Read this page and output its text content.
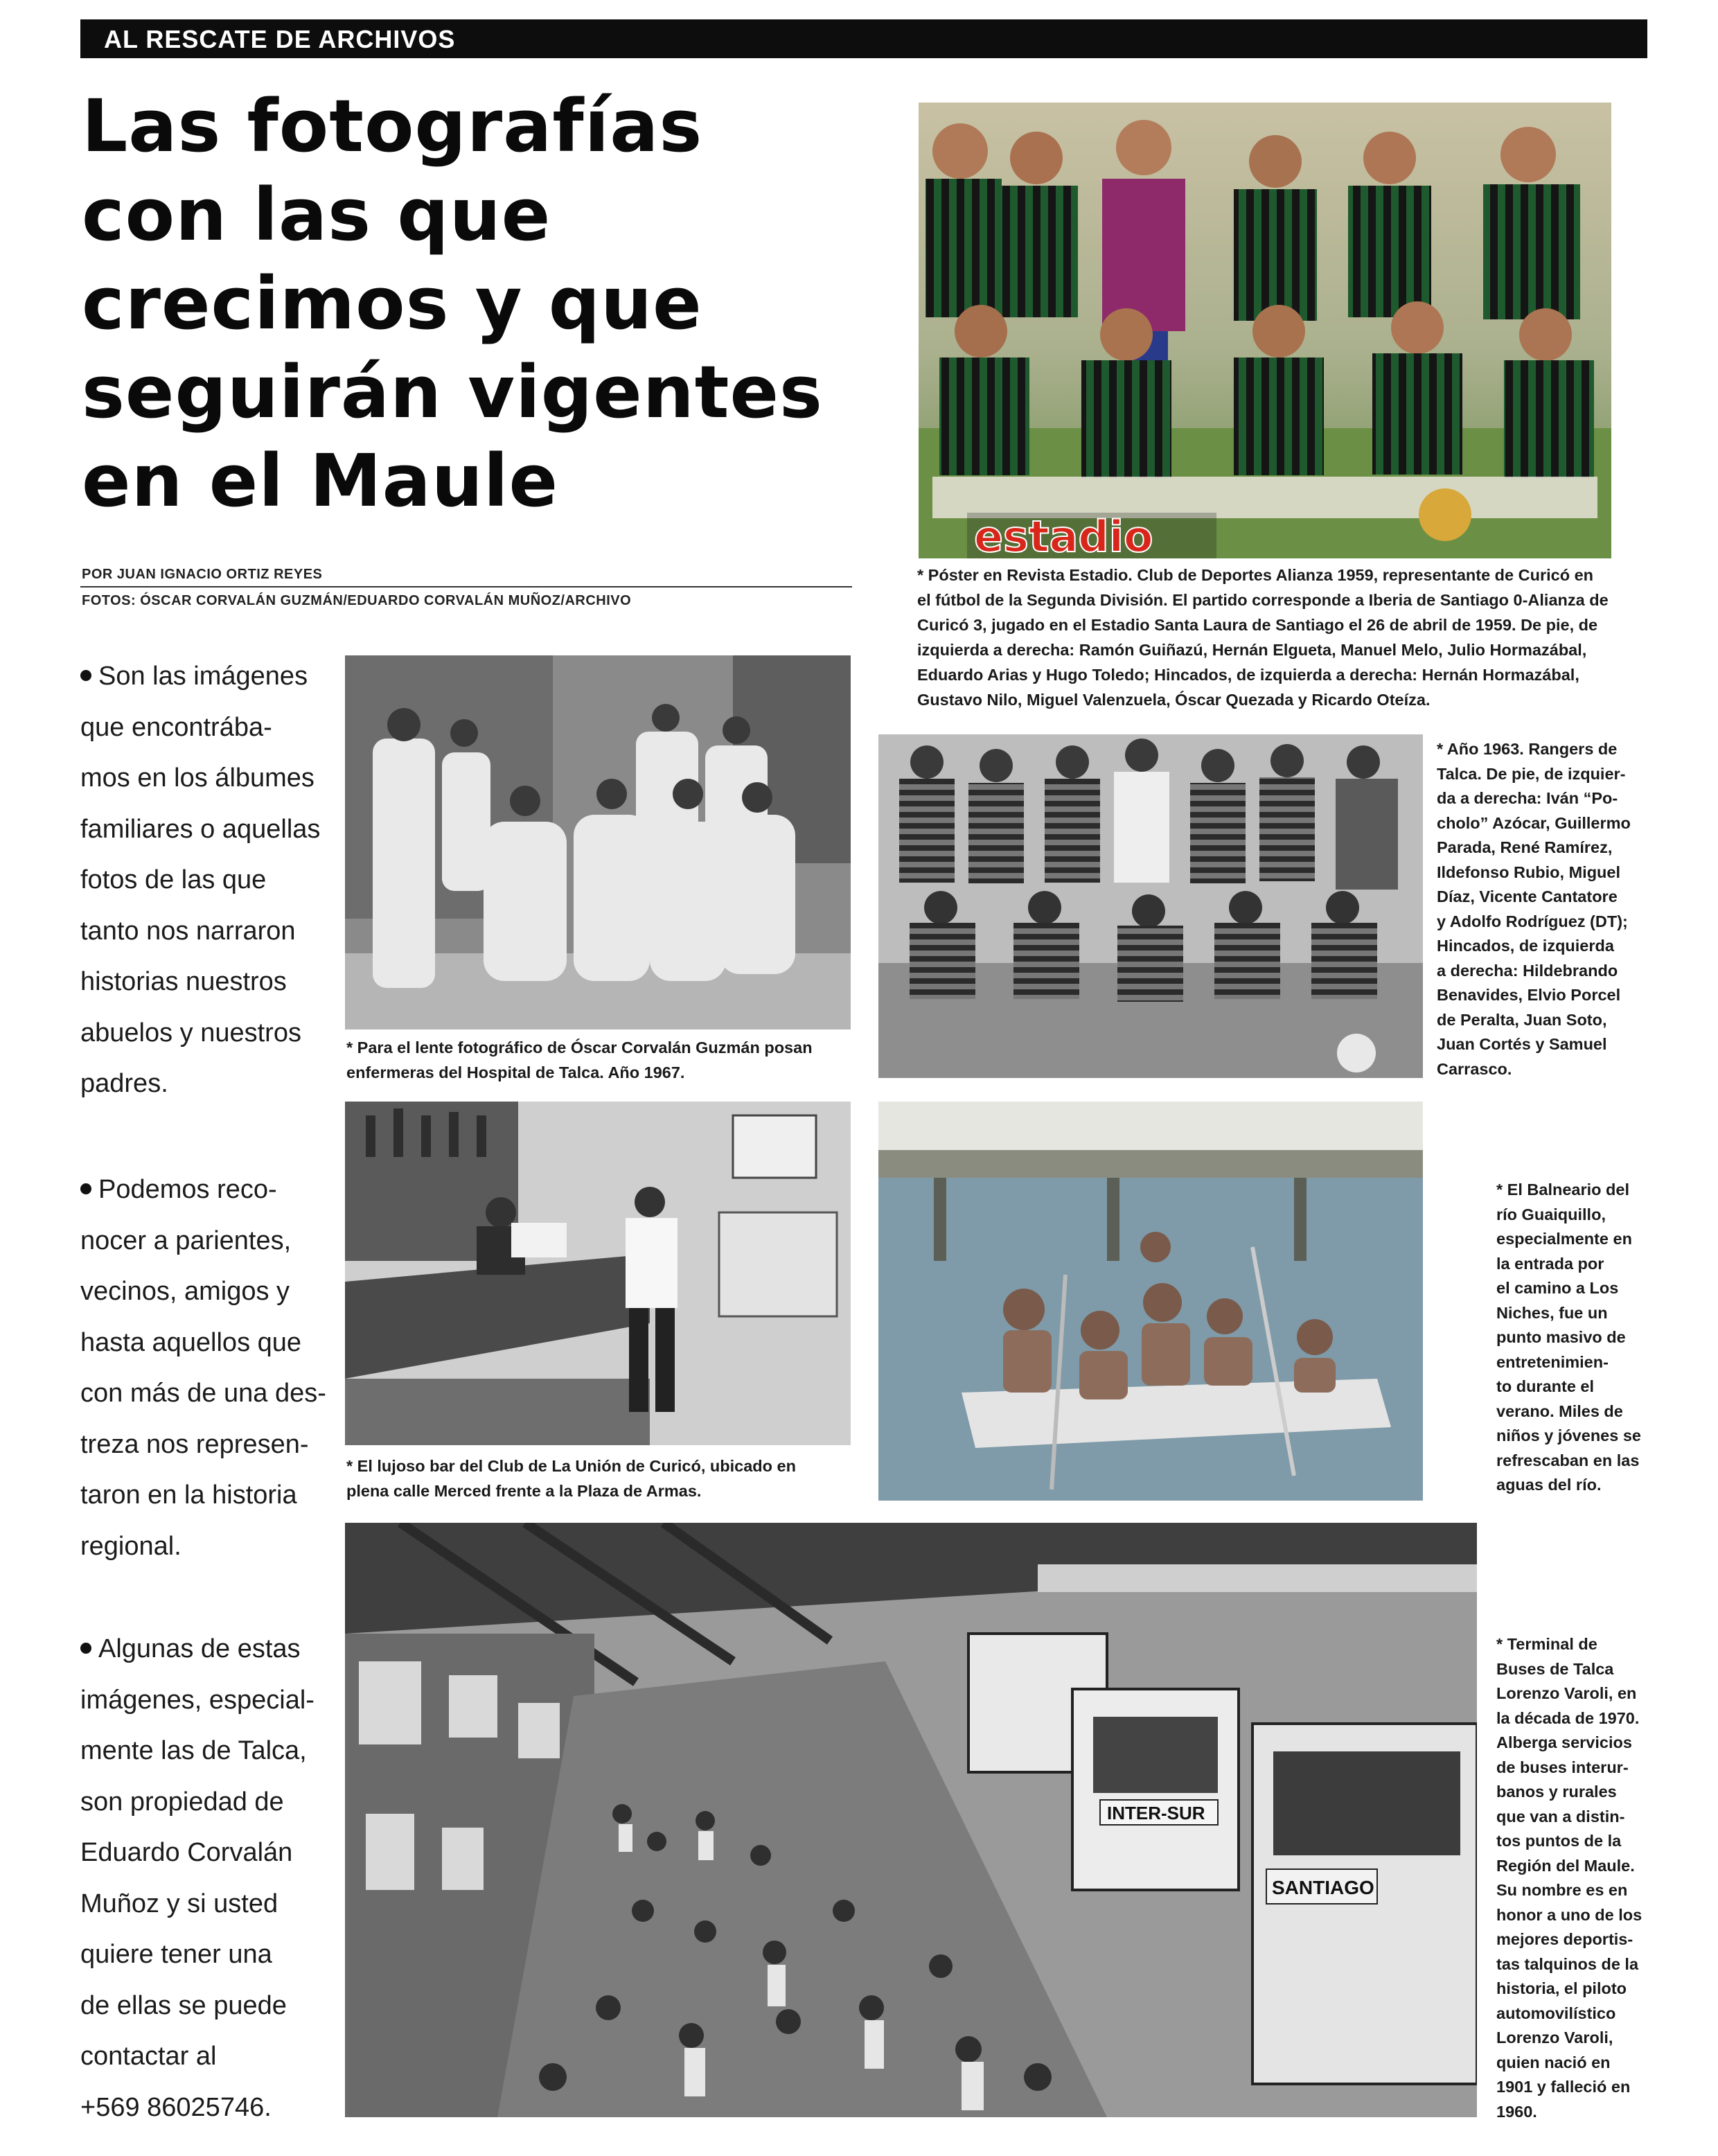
AL RESCATE DE ARCHIVOS
Las fotografías
con las que
crecimos y que
seguirán vigentes
en el Maule
POR JUAN IGNACIO ORTIZ REYES
FOTOS: ÓSCAR CORVALÁN GUZMÁN/EDUARDO CORVALÁN MUÑOZ/ARCHIVO

Son las imágenes

que encontrába-

mos en los álbumes

familiares o aquellas

fotos de las que

tanto nos narraron

historias nuestros

abuelos y nuestros

padres.

Podemos reco-

nocer a parientes,

vecinos, amigos y

hasta aquellos que

con más de una des-

treza nos represen-

taron en la historia

regional.

Algunas de estas

imágenes, especial-

mente las de Talca,

son propiedad de

Eduardo Corvalán

Muñoz y si usted

quiere tener una

de ellas se puede

contactar al

+569 86025746.

estadio
* Póster en Revista Estadio. Club de Deportes Alianza 1959, representante de Curicó en
el fútbol de la Segunda División. El partido corresponde a Iberia de Santiago 0-Alianza de
Curicó 3, jugado en el Estadio Santa Laura de Santiago el 26 de abril de 1959. De pie, de
izquierda a derecha: Ramón Guiñazú, Hernán Elgueta, Manuel Melo, Julio Hormazábal,
Eduardo Arias y Hugo Toledo; Hincados, de izquierda a derecha: Hernán Hormazábal,
Gustavo Nilo, Miguel Valenzuela, Óscar Quezada y Ricardo Oteíza.
* Para el lente fotográfico de Óscar Corvalán Guzmán posan
enfermeras del Hospital de Talca. Año 1967.
* Año 1963. Rangers de
Talca. De pie, de izquier-
da a derecha: Iván “Po-
cholo” Azócar, Guillermo
Parada, René Ramírez,
Ildefonso Rubio, Miguel
Díaz, Vicente Cantatore
y Adolfo Rodríguez (DT);
Hincados, de izquierda
a derecha: Hildebrando
Benavides, Elvio Porcel
de Peralta, Juan Soto,
Juan Cortés y Samuel
Carrasco.
* El lujoso bar del Club de La Unión de Curicó, ubicado en
plena calle Merced frente a la Plaza de Armas.
* El Balneario del
río Guaiquillo,
especialmente en
la entrada por
el camino a Los
Niches, fue un
punto masivo de
entretenimien-
to durante el
verano. Miles de
niños y jóvenes se
refrescaban en las
aguas del río.
INTER-SUR
SANTIAGO
* Terminal de
Buses de Talca
Lorenzo Varoli, en
la década de 1970.
Alberga servicios
de buses interur-
banos y rurales
que van a distin-
tos puntos de la
Región del Maule.
Su nombre es en
honor a uno de los
mejores deportis-
tas talquinos de la
historia, el piloto
automovilístico
Lorenzo Varoli,
quien nació en
1901 y falleció en
1960.
